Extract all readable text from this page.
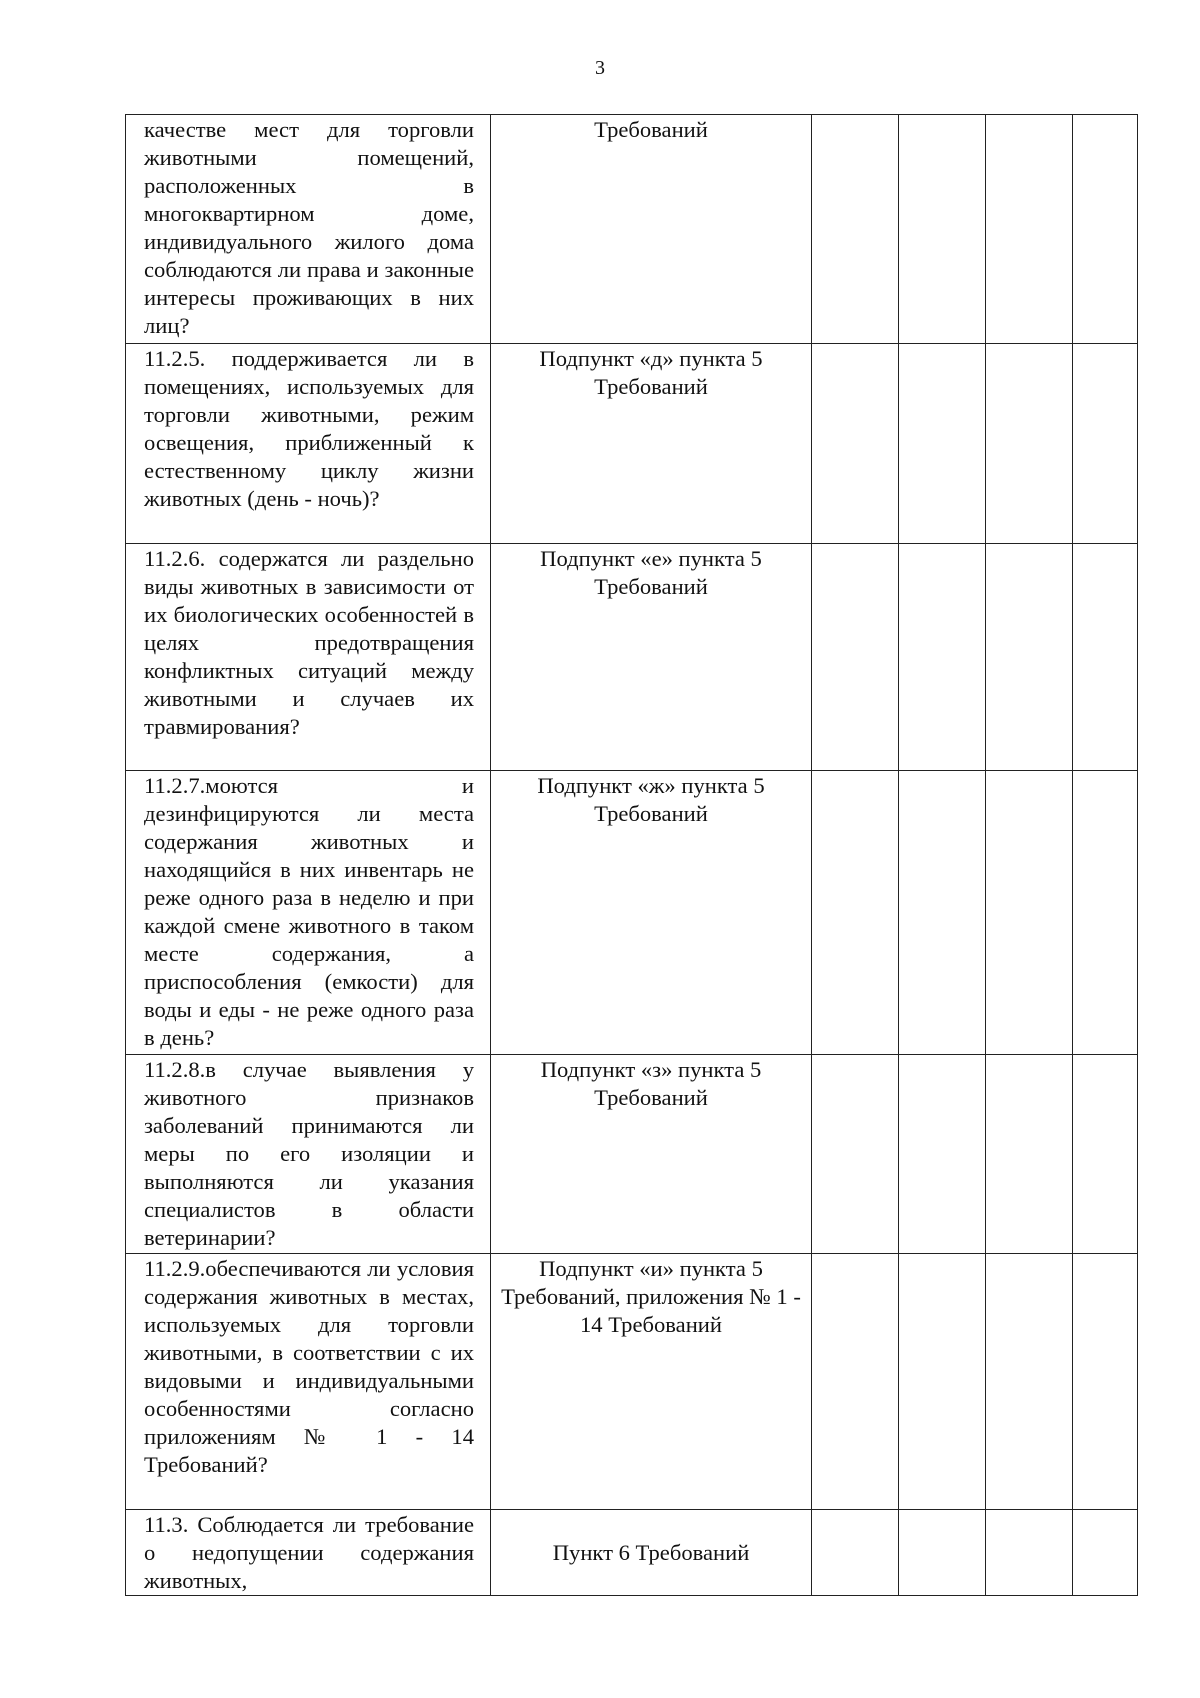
3
качестве мест для торговли животными помещений, расположенных в многоквартирном доме, индивидуального жилого дома соблюдаются ли права и законные интересы проживающих в них лиц?	Требований				

11.2.5. поддерживается ли в помещениях, используемых для торговли животными, режим освещения, приближенный к естественному циклу жизни животных (день - ночь)?	Подпункт «д» пункта 5 Требований				

11.2.6. содержатся ли раздельно виды животных в зависимости от их биологических особенностей в целях предотвращения конфликтных ситуаций между животными и случаев их травмирования?	Подпункт «е» пункта 5 Требований				

11.2.7.моются и дезинфицируются ли места содержания животных и находящийся в них инвентарь не реже одного раза в неделю и при каждой смене животного в таком месте содержания, а приспособления (емкости) для воды и еды - не реже одного раза в день?	Подпункт «ж» пункта 5 Требований				

11.2.8.в случае выявления у животного признаков заболеваний принимаются ли меры по его изоляции и выполняются ли указания специалистов в области ветеринарии?	Подпункт «з» пункта 5 Требований				

11.2.9.обеспечиваются ли условия содержания животных в местах, используемых для торговли животными, в соответствии с их видовыми и индивидуальными особенностями согласно приложениям № 1 - 14 Требований?	Подпункт «и» пункта 5 Требований, приложения № 1 - 14 Требований				

11.3. Соблюдается ли требование о недопущении содержания животных,	Пункт 6 Требований				
